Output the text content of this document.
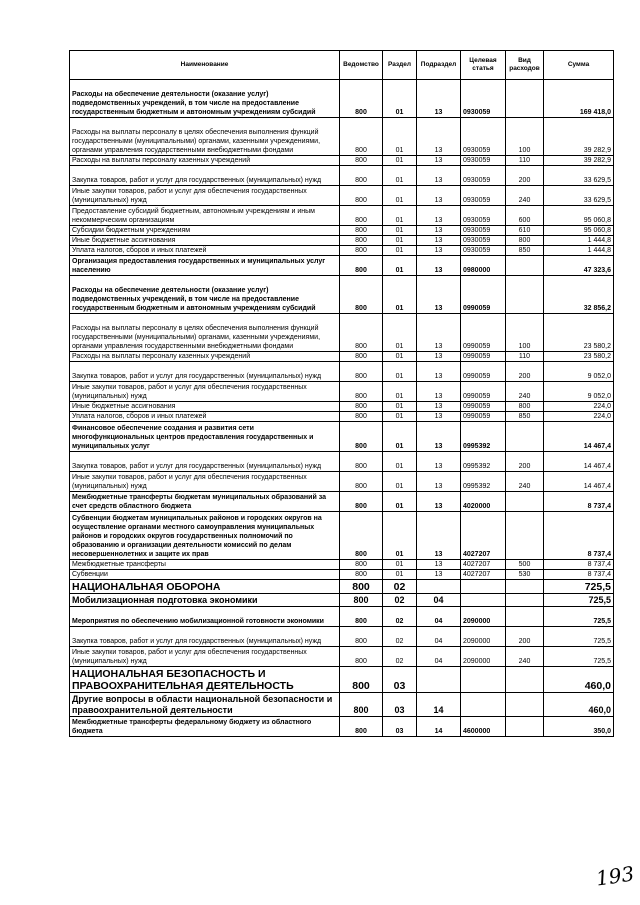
Наименование	Ведомство	Раздел	Подраздел	Целевая статья	Вид расходов	Сумма
Расходы на обеспечение деятельности (оказание услуг) подведомственных учреждений, в том числе на предоставление государственным бюджетным и автономным учреждениям субсидий	800	01	13	0930059		169 418,0
Расходы на выплаты персоналу в целях обеспечения выполнения функций государственными (муниципальными) органами, казенными учреждениями, органами управления государственными внебюджетными фондами	800	01	13	0930059	100	39 282,9
Расходы на выплаты персоналу казенных учреждений	800	01	13	0930059	110	39 282,9
Закупка товаров, работ и услуг для государственных (муниципальных) нужд	800	01	13	0930059	200	33 629,5
Иные закупки товаров, работ и услуг для обеспечения государственных (муниципальных) нужд	800	01	13	0930059	240	33 629,5
Предоставление субсидий бюджетным, автономным учреждениям и иным некоммерческим организациям	800	01	13	0930059	600	95 060,8
Субсидии бюджетным учреждениям	800	01	13	0930059	610	95 060,8
Иные бюджетные ассигнования	800	01	13	0930059	800	1 444,8
Уплата налогов, сборов и иных платежей	800	01	13	0930059	850	1 444,8
Организация предоставления государственных и муниципальных услуг населению	800	01	13	0980000		47 323,6
Расходы на обеспечение деятельности (оказание услуг) подведомственных учреждений, в том числе на предоставление государственным бюджетным и автономным учреждениям субсидий	800	01	13	0990059		32 856,2
Расходы на выплаты персоналу в целях обеспечения выполнения функций государственными (муниципальными) органами, казенными учреждениями, органами управления государственными внебюджетными фондами	800	01	13	0990059	100	23 580,2
Расходы на выплаты персоналу казенных учреждений	800	01	13	0990059	110	23 580,2
Закупка товаров, работ и услуг для государственных (муниципальных) нужд	800	01	13	0990059	200	9 052,0
Иные закупки товаров, работ и услуг для обеспечения государственных (муниципальных) нужд	800	01	13	0990059	240	9 052,0
Иные бюджетные ассигнования	800	01	13	0990059	800	224,0
Уплата налогов, сборов и иных платежей	800	01	13	0990059	850	224,0
Финансовое обеспечение создания и развития сети многофункциональных центров предоставления государственных и муниципальных услуг	800	01	13	0995392		14 467,4
Закупка товаров, работ и услуг для государственных (муниципальных) нужд	800	01	13	0995392	200	14 467,4
Иные закупки товаров, работ и услуг для обеспечения государственных (муниципальных) нужд	800	01	13	0995392	240	14 467,4
Межбюджетные трансферты бюджетам муниципальных образований за счет средств областного бюджета	800	01	13	4020000		8 737,4
Субвенции бюджетам муниципальных районов и городских округов на осуществление органами местного самоуправления муниципальных районов и городских округов государственных полномочий по образованию и организации деятельности комиссий по делам несовершеннолетних и защите их прав	800	01	13	4027207		8 737,4
Межбюджетные трансферты	800	01	13	4027207	500	8 737,4
Субвенции	800	01	13	4027207	530	8 737,4
НАЦИОНАЛЬНАЯ ОБОРОНА	800	02				725,5
Мобилизационная подготовка экономики	800	02	04			725,5
Мероприятия по обеспечению мобилизационной готовности экономики	800	02	04	2090000		725,5
Закупка товаров, работ и услуг для государственных (муниципальных) нужд	800	02	04	2090000	200	725,5
Иные закупки товаров, работ и услуг для обеспечения государственных (муниципальных) нужд	800	02	04	2090000	240	725,5
НАЦИОНАЛЬНАЯ БЕЗОПАСНОСТЬ И ПРАВООХРАНИТЕЛЬНАЯ ДЕЯТЕЛЬНОСТЬ	800	03				460,0
Другие вопросы в области национальной безопасности и правоохранительной деятельности	800	03	14			460,0
Межбюджетные трансферты федеральному бюджету из областного бюджета	800	03	14	4600000		350,0
193
